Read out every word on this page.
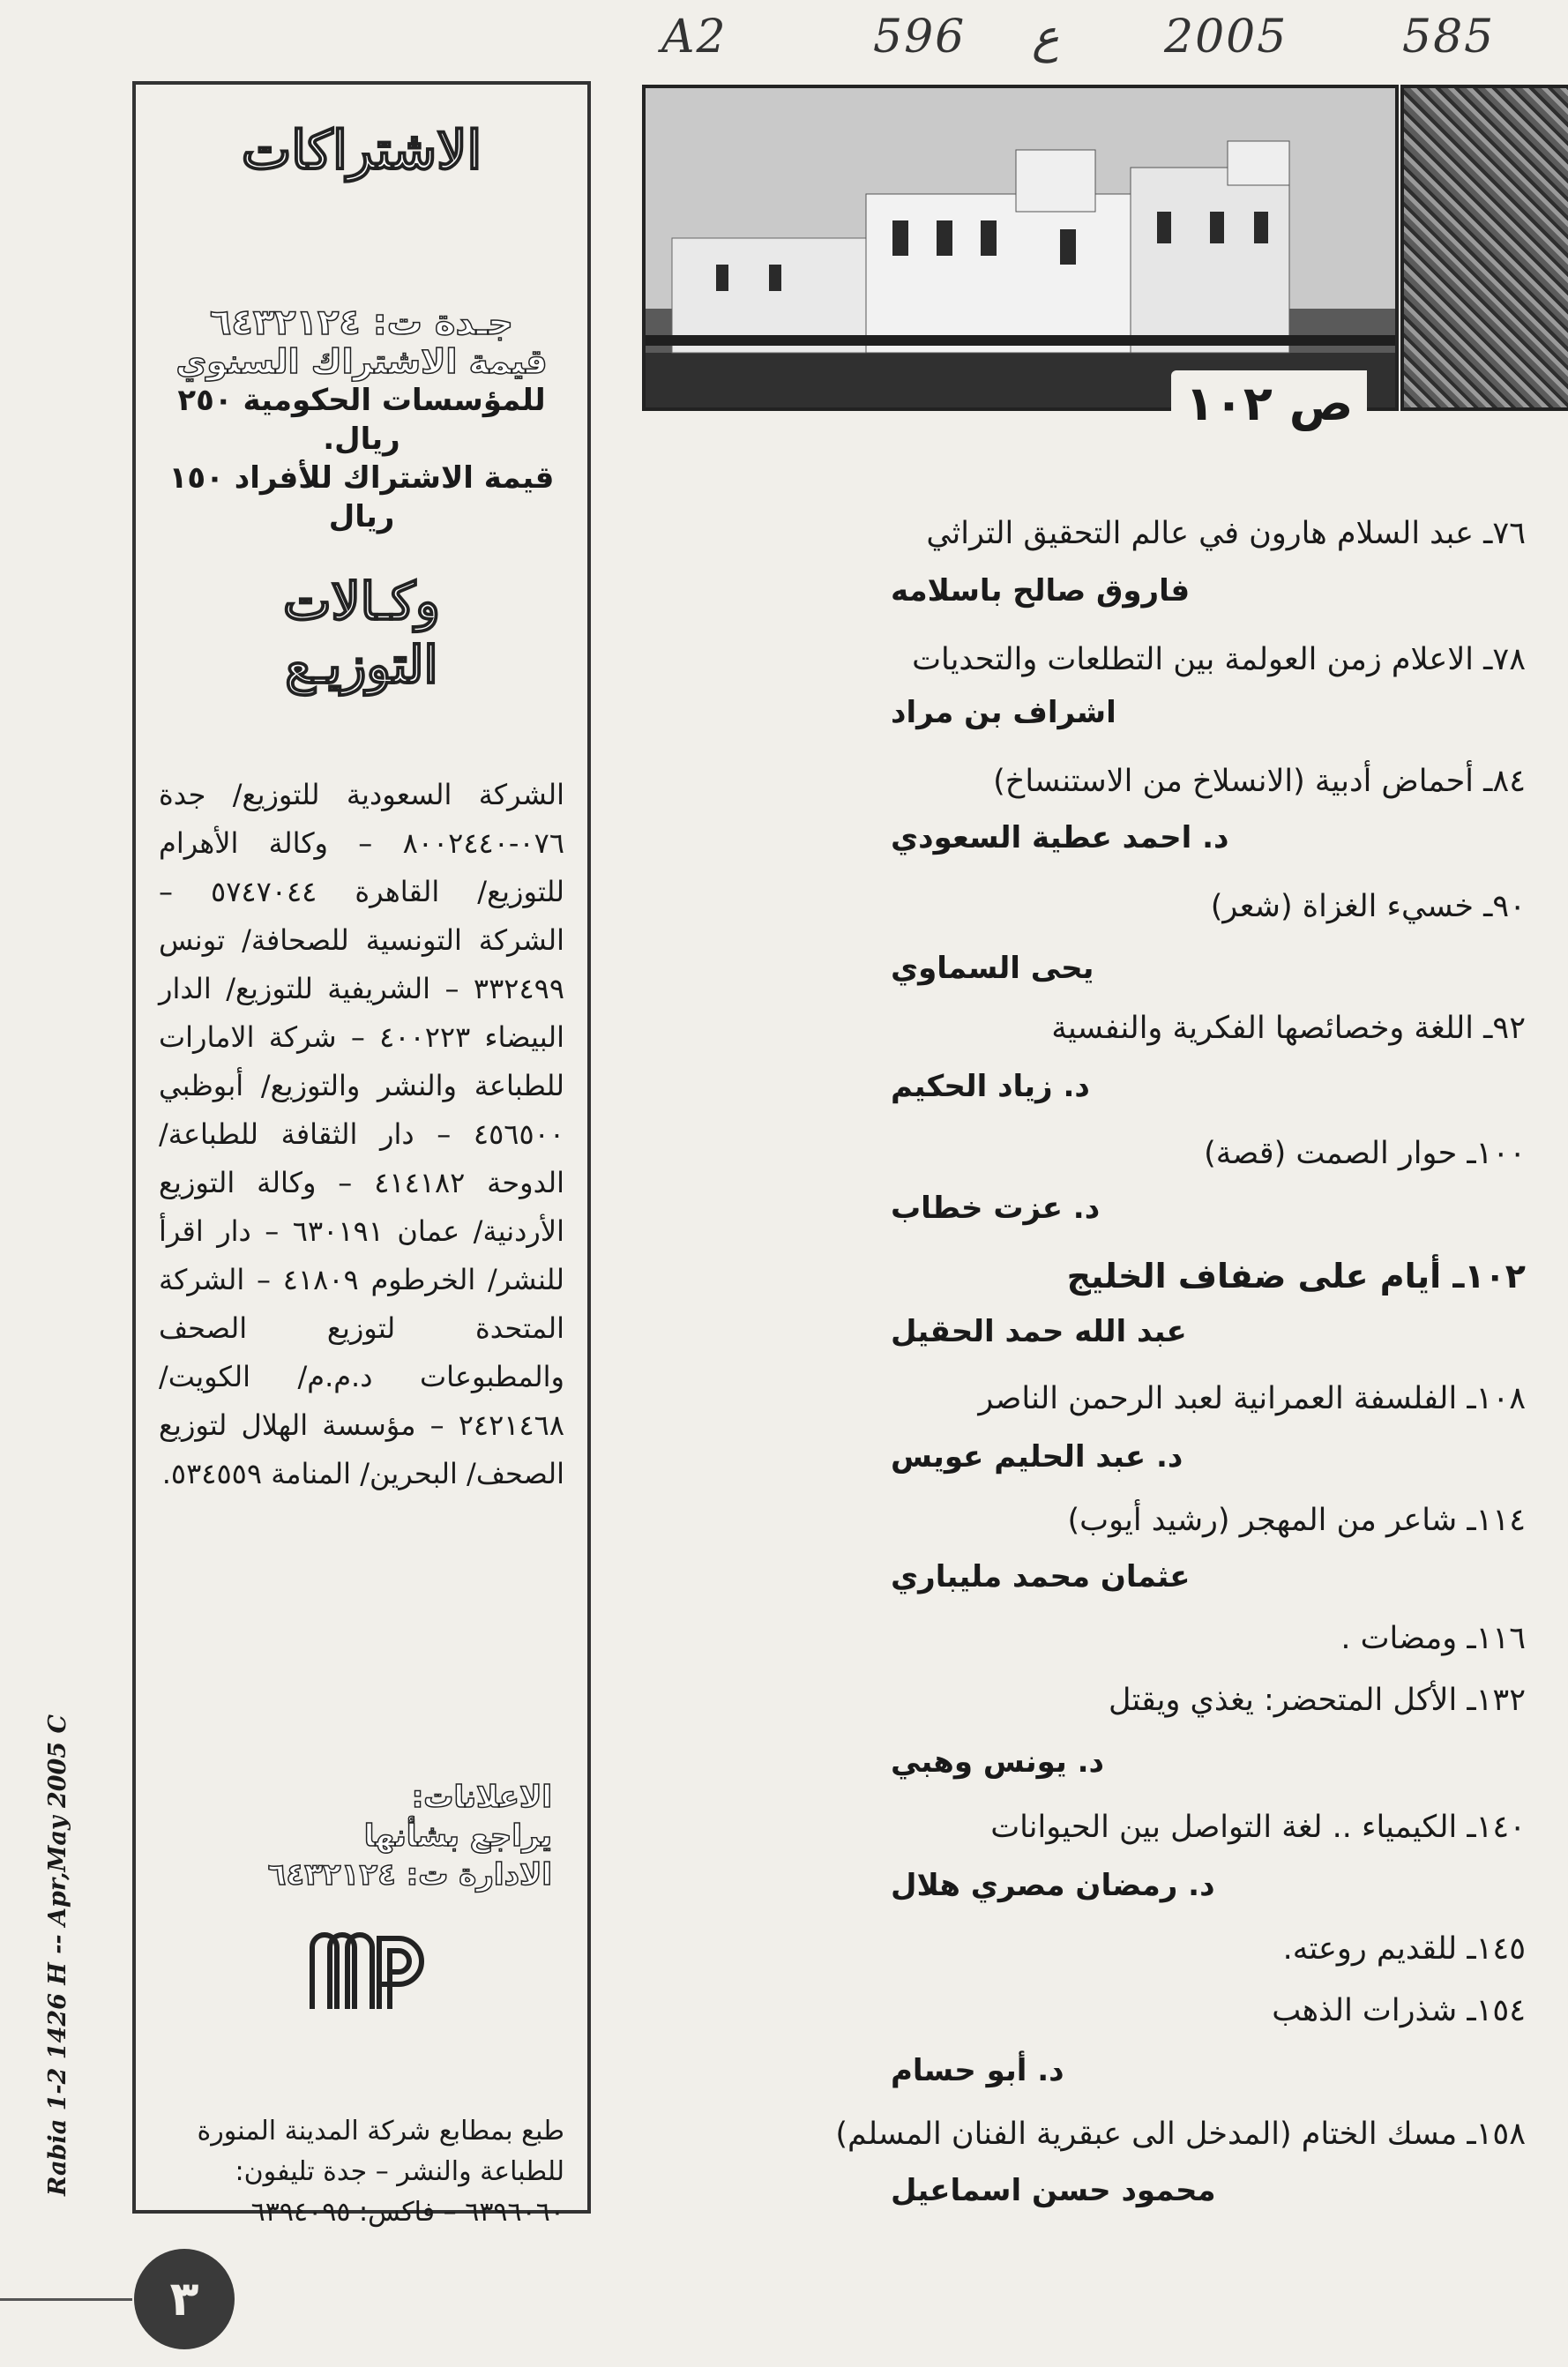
A2	596 ع 2005 585
ص ١٠٢
الاشتراكات
جـدة ت: ٦٤٣٢١٢٤
قيمة الاشتراك السنوي
للمؤسسات الحكومية ٢٥٠ ريال.
قيمة الاشتراك للأفراد ١٥٠ ريال
وكـالات
التوزيـع
الشركة السعودية للتوزيع/ جدة ٠٧٦-٨٠٠٢٤٤٠ – وكالة الأهرام للتوزيع/ القاهرة ٥٧٤٧٠٤٤ – الشركة التونسية للصحافة/ تونس ٣٣٢٤٩٩ – الشريفية للتوزيع/ الدار البيضاء ٤٠٠٢٢٣ – شركة الامارات للطباعة والنشر والتوزيع/ أبوظبي ٤٥٦٥٠٠ – دار الثقافة للطباعة/ الدوحة ٤١٤١٨٢ – وكالة التوزيع الأردنية/ عمان ٦٣٠١٩١ – دار اقرأ للنشر/ الخرطوم ٤١٨٠٩ – الشركة المتحدة لتوزيع الصحف والمطبوعات د.م.م/ الكويت/ ٢٤٢١٤٦٨ – مؤسسة الهلال لتوزيع الصحف/ البحرين/ المنامة ٥٣٤٥٥٩.
الاعلانات:
يراجع بشأنها
الادارة ت: ٦٤٣٢١٢٤
طبع بمطابع شركة المدينة المنورة
للطباعة والنشر – جدة تليفون:
٦٣٩٦٠٦٠ – فاكس: ٦٣٩٤٠٩٥
Rabia 1-2 1426 H -- Apr,May 2005 C
٣
٧٦ـ عبد السلام هارون في عالم التحقيق التراثي
فاروق صالح باسلامه
٧٨ـ الاعلام زمن العولمة بين التطلعات والتحديات
اشراف بن مراد
٨٤ـ أحماض أدبية (الانسلاخ من الاستنساخ)
د. احمد عطية السعودي
٩٠ـ خسيء الغزاة (شعر)
يحى السماوي
٩٢ـ اللغة وخصائصها الفكرية والنفسية
د. زياد الحكيم
١٠٠ـ حوار الصمت (قصة)
د. عزت خطاب
١٠٢ـ أيام على ضفاف الخليج
عبد الله حمد الحقيل
١٠٨ـ الفلسفة العمرانية لعبد الرحمن الناصر
د. عبد الحليم عويس
١١٤ـ شاعر من المهجر (رشيد أيوب)
عثمان محمد مليباري
١١٦ـ ومضات .
١٣٢ـ الأكل المتحضر: يغذي ويقتل
د. يونس وهبي
١٤٠ـ الكيمياء .. لغة التواصل بين الحيوانات
د. رمضان مصري هلال
١٤٥ـ للقديم روعته.
١٥٤ـ شذرات الذهب
د. أبو حسام
١٥٨ـ مسك الختام (المدخل الى عبقرية الفنان المسلم)
محمود حسن اسماعيل
